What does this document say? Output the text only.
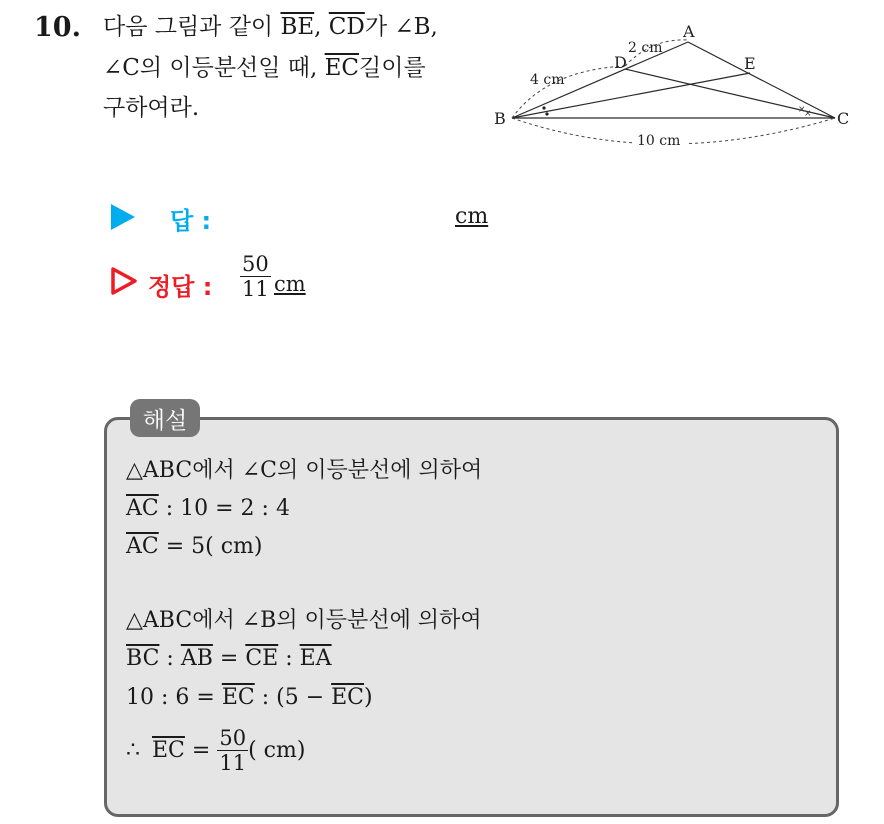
10. 다음 그림과 같이 $\overline{BE}$, $\overline{CD}$가 ∠B,
∠C의 이등분선일 때, $\overline{EC}$길이를
구하여라.	×
×
A
B	C
D	E
2 cm
4 cm
10 cm
답 :	cm
정답 : $\frac{50}{11}$ cm
해설
△ABC에서 ∠C의 이등분선에 의하여
$\overline{AC}$ : 10 = 2 : 4
$\overline{AC} = 5$( cm)
△ABC에서 ∠B의 이등분선에 의하여
$\overline{BC}$ : $\overline{AB} = \overline{CE}$ : $\overline{EA}$
10 : $6 = \overline{EC}$ : $(5 - \overline{EC})$
∴ $\overline{EC} = \frac{50}{11}$ ( cm)
